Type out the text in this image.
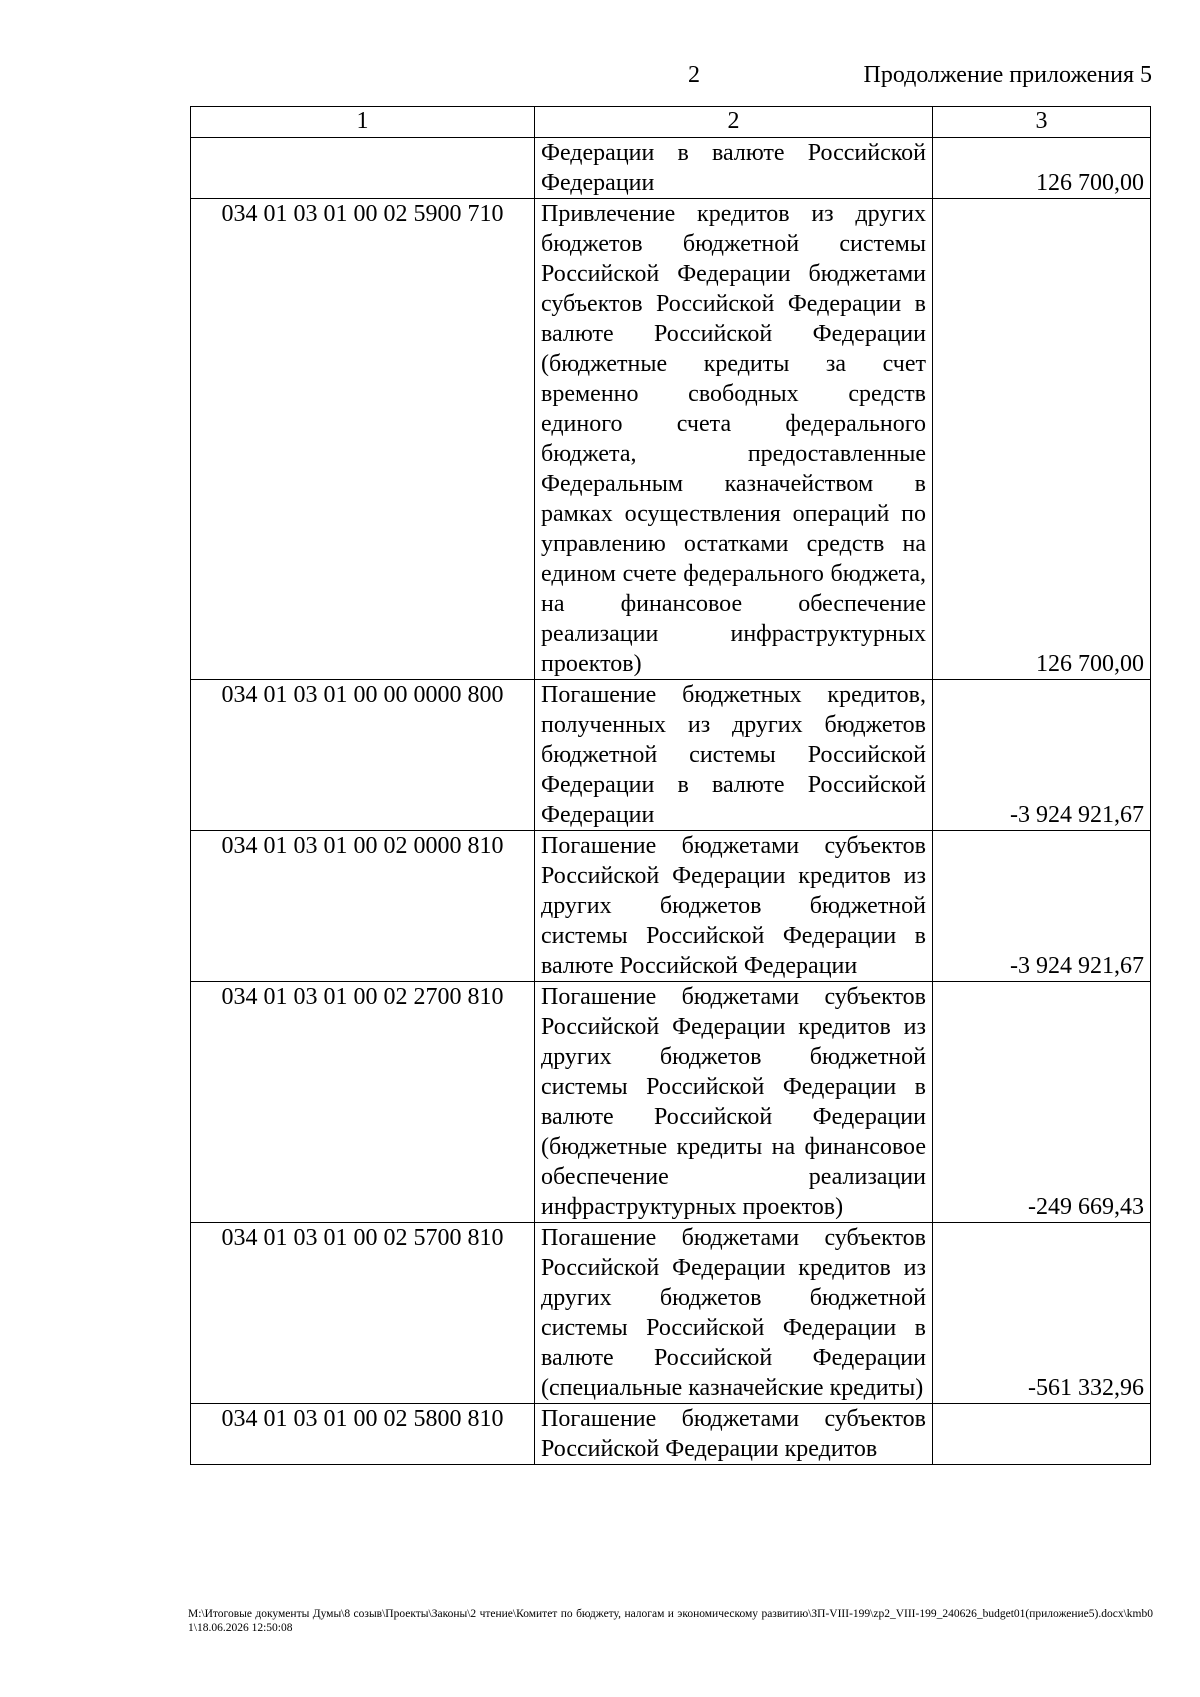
2	Продолжение приложения 5
1	2	3
	Федерации в валюте Российской Федерации	126 700,00
034 01 03 01 00 02 5900 710	Привлечение кредитов из других бюджетов бюджетной системы Российской Федерации бюджетами субъектов Российской Федерации в валюте Российской Федерации (бюджетные кредиты за счет временно свободных средств единого счета федерального бюджета, предоставленные Федеральным казначейством в рамках осуществления операций по управлению остатками средств на едином счете федерального бюджета, на финансовое обеспечение реализации инфраструктурных проектов)	126 700,00
034 01 03 01 00 00 0000 800	Погашение бюджетных кредитов, полученных из других бюджетов бюджетной системы Российской Федерации в валюте Российской Федерации	-3 924 921,67
034 01 03 01 00 02 0000 810	Погашение бюджетами субъектов Российской Федерации кредитов из других бюджетов бюджетной системы Российской Федерации в валюте Российской Федерации	-3 924 921,67
034 01 03 01 00 02 2700 810	Погашение бюджетами субъектов Российской Федерации кредитов из других бюджетов бюджетной системы Российской Федерации в валюте Российской Федерации (бюджетные кредиты на финансовое обеспечение реализации инфраструктурных проектов)	-249 669,43
034 01 03 01 00 02 5700 810	Погашение бюджетами субъектов Российской Федерации кредитов из других бюджетов бюджетной системы Российской Федерации в валюте Российской Федерации (специальные казначейские кредиты)	-561 332,96
034 01 03 01 00 02 5800 810	Погашение бюджетами субъектов Российской Федерации кредитов	
M:\Итоговые документы Думы\8 созыв\Проекты\Законы\2 чтение\Комитет по бюджету, налогам и экономическому развитию\ЗП-VIII-199\zp2_VIII-199_240626_budget01(приложение5).docx\kmb01\18.06.2026 12:50:08
